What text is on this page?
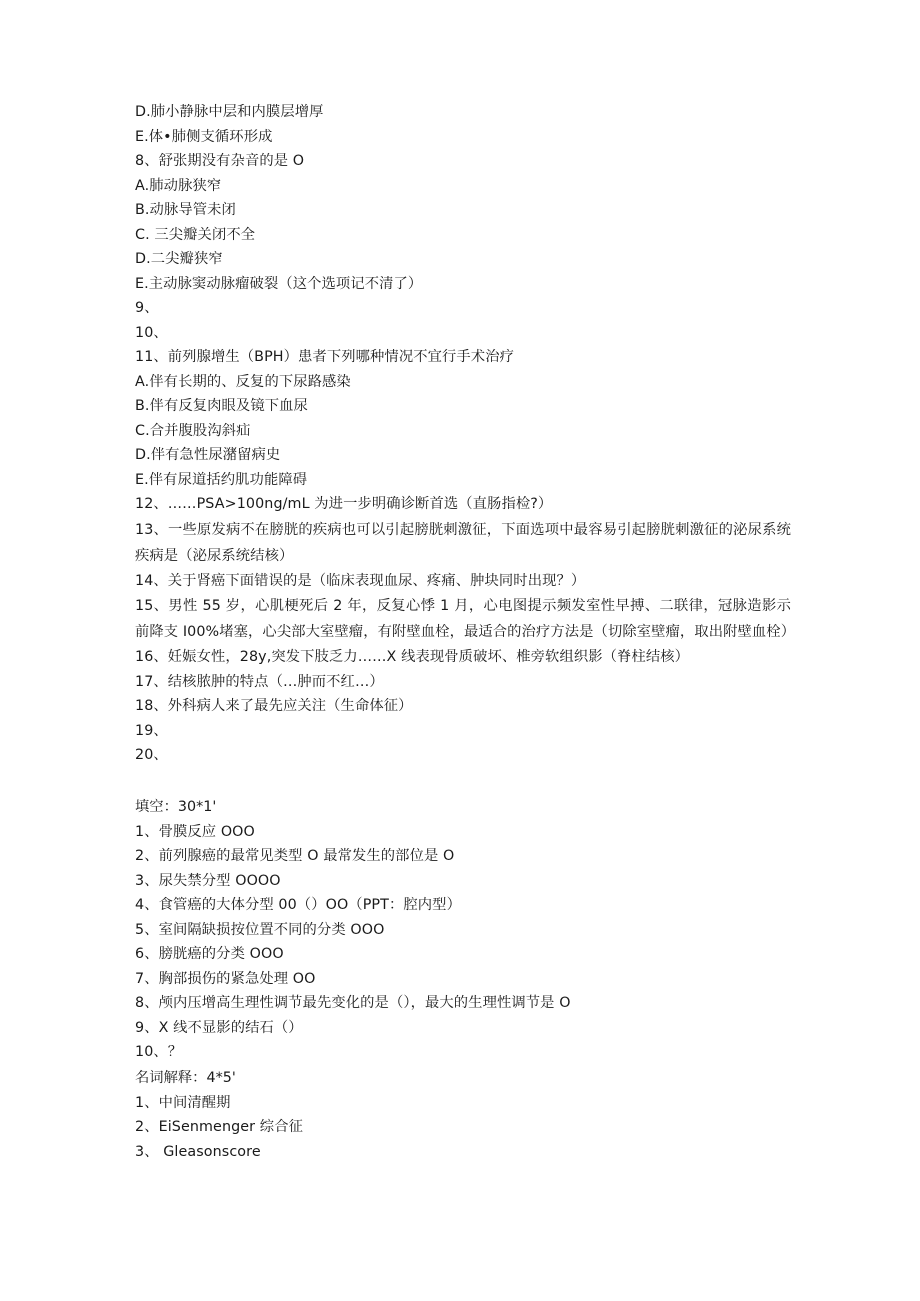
D.肺小静脉中层和内膜层增厚
E.体•肺侧支循环形成
8、舒张期没有杂音的是 O
A.肺动脉狭窄
B.动脉导管未闭
C. 三尖瓣关闭不全
D.二尖瓣狭窄
E.主动脉窦动脉瘤破裂（这个选项记不清了）
9、
10、
11、前列腺增生（BPH）患者下列哪种情况不宜行手术治疗
A.伴有长期的、反复的下尿路感染
B.伴有反复肉眼及镜下血尿
C.合并腹股沟斜疝
D.伴有急性尿潴留病史
E.伴有尿道括约肌功能障碍
12、……PSA>100ng/mL 为进一步明确诊断首选（直肠指检?）
13、一些原发病不在膀胱的疾病也可以引起膀胱刺激征，下面选项中最容易引起膀胱刺激征的泌尿系统疾病是（泌尿系统结核）
14、关于肾癌下面错误的是（临床表现血尿、疼痛、肿块同时出现？）
15、男性 55 岁，心肌梗死后 2 年，反复心悸 1 月，心电图提示频发室性早搏、二联律，冠脉造影示前降支 I00%堵塞，心尖部大室壁瘤，有附壁血栓，最适合的治疗方法是（切除室壁瘤，取出附壁血栓）
16、妊娠女性，28y,突发下肢乏力……X 线表现骨质破坏、椎旁软组织影（脊柱结核）
17、结核脓肿的特点（…肿而不红…）
18、外科病人来了最先应关注（生命体征）
19、
20、
填空：30*1'
1、骨膜反应 OOO
2、前列腺癌的最常见类型 O 最常发生的部位是 O
3、尿失禁分型 OOOO
4、食管癌的大体分型 00（）OO（PPT：腔内型）
5、室间隔缺损按位置不同的分类 OOO
6、膀胱癌的分类 OOO
7、胸部损伤的紧急处理 OO
8、颅内压增高生理性调节最先变化的是（），最大的生理性调节是 O
9、X 线不显影的结石（）
10、？
名词解释：4*5'
1、中间清醒期
2、EiSenmenger 综合征
3、 Gleasonscore
